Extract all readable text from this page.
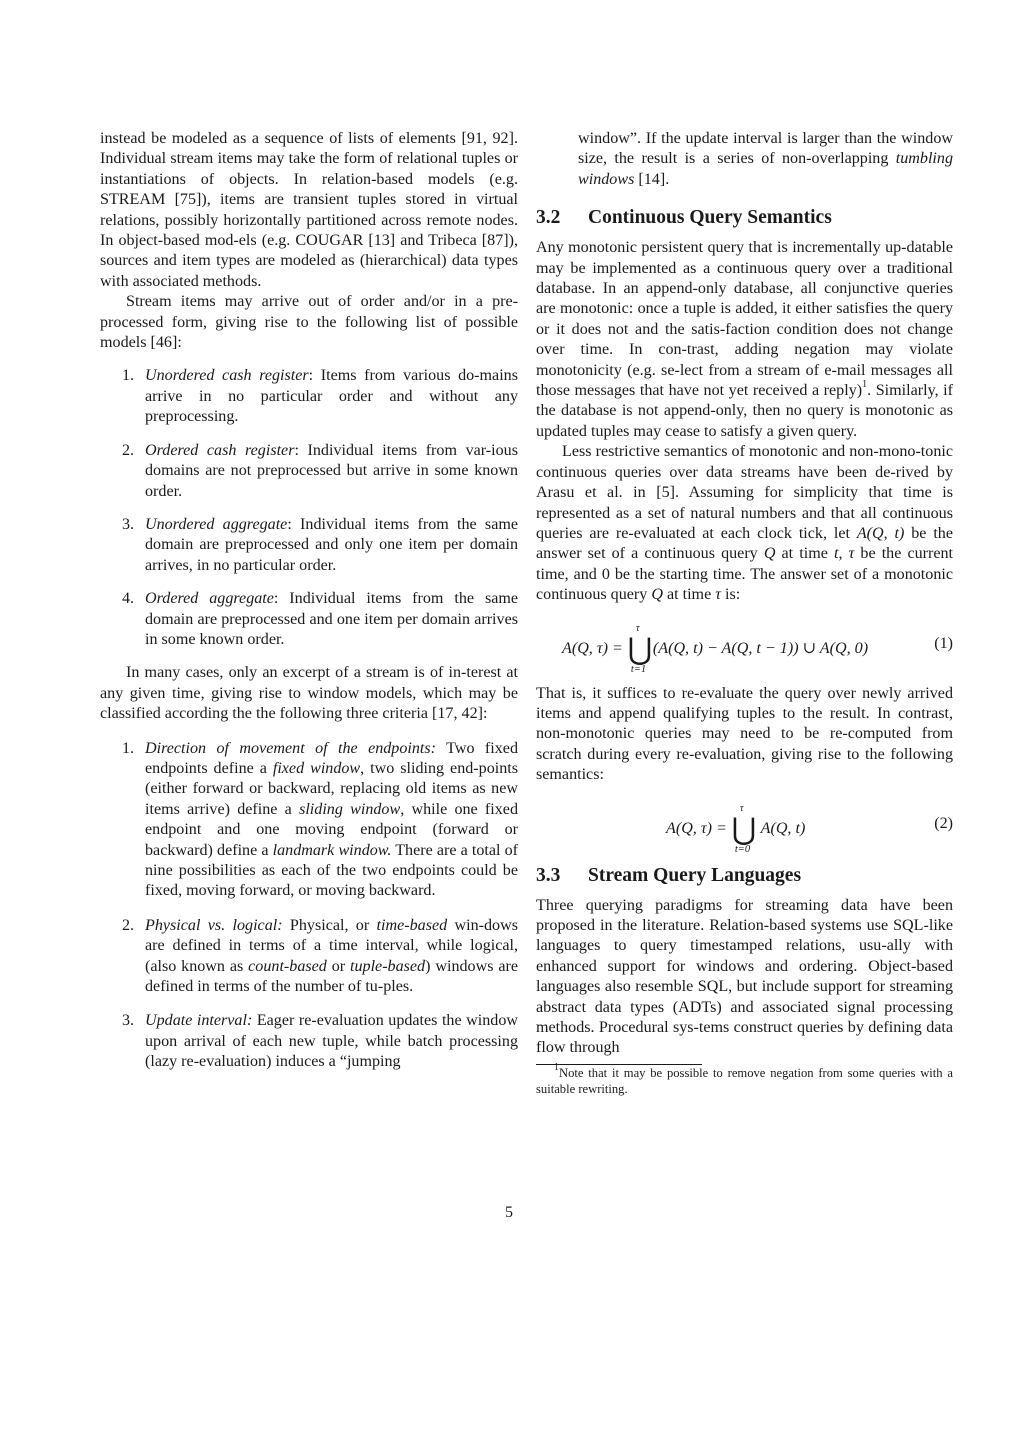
instead be modeled as a sequence of lists of elements [91, 92]. Individual stream items may take the form of relational tuples or instantiations of objects. In relation-based models (e.g. STREAM [75]), items are transient tuples stored in virtual relations, possibly horizontally partitioned across remote nodes. In object-based mod-els (e.g. COUGAR [13] and Tribeca [87]), sources and item types are modeled as (hierarchical) data types with associated methods.

Stream items may arrive out of order and/or in a pre-processed form, giving rise to the following list of possible models [46]:

1. Unordered cash register: Items from various do-mains arrive in no particular order and without any preprocessing.
2. Ordered cash register: Individual items from var-ious domains are not preprocessed but arrive in some known order.
3. Unordered aggregate: Individual items from the same domain are preprocessed and only one item per domain arrives, in no particular order.
4. Ordered aggregate: Individual items from the same domain are preprocessed and one item per domain arrives in some known order.

In many cases, only an excerpt of a stream is of in-terest at any given time, giving rise to window models, which may be classified according the the following three criteria [17, 42]:

1. Direction of movement of the endpoints: Two fixed endpoints define a fixed window, two sliding end-points (either forward or backward, replacing old items as new items arrive) define a sliding window, while one fixed endpoint and one moving endpoint (forward or backward) define a landmark window. There are a total of nine possibilities as each of the two endpoints could be fixed, moving forward, or moving backward.
2. Physical vs. logical: Physical, or time-based win-dows are defined in terms of a time interval, while logical, (also known as count-based or tuple-based) windows are defined in terms of the number of tu-ples.
3. Update interval: Eager re-evaluation updates the window upon arrival of each new tuple, while batch processing (lazy re-evaluation) induces a “jumping

window”. If the update interval is larger than the window size, the result is a series of non-overlapping tumbling windows [14].

3.2 Continuous Query Semantics

Any monotonic persistent query that is incrementally up-datable may be implemented as a continuous query over a traditional database. In an append-only database, all conjunctive queries are monotonic: once a tuple is added, it either satisfies the query or it does not and the satis-faction condition does not change over time. In con-trast, adding negation may violate monotonicity (e.g. se-lect from a stream of e-mail messages all those messages that have not yet received a reply)$^1$. Similarly, if the database is not append-only, then no query is monotonic as updated tuples may cease to satisfy a given query.

Less restrictive semantics of monotonic and non-mono-tonic continuous queries over data streams have been de-rived by Arasu et al. in [5]. Assuming for simplicity that time is represented as a set of natural numbers and that all continuous queries are re-evaluated at each clock tick, let A(Q, t) be the answer set of a continuous query Q at time t, τ be the current time, and 0 be the starting time. The answer set of a monotonic continuous query Q at time τ is:

A(Q, τ) =
τ
⋃
t=1
(A(Q, t) − A(Q, t − 1)) ∪ A(Q, 0)	(1)

That is, it suffices to re-evaluate the query over newly arrived items and append qualifying tuples to the result. In contrast, non-monotonic queries may need to be re-computed from scratch during every re-evaluation, giving rise to the following semantics:

A(Q, τ) =
τ
⋃
t=0
A(Q, t)	(2)
3.3 Stream Query Languages

Three querying paradigms for streaming data have been proposed in the literature. Relation-based systems use SQL-like languages to query timestamped relations, usu-ally with enhanced support for windows and ordering. Object-based languages also resemble SQL, but include support for streaming abstract data types (ADTs) and associated signal processing methods. Procedural sys-tems construct queries by defining data flow through

$^1$Note that it may be possible to remove negation from some queries with a suitable rewriting.
5
